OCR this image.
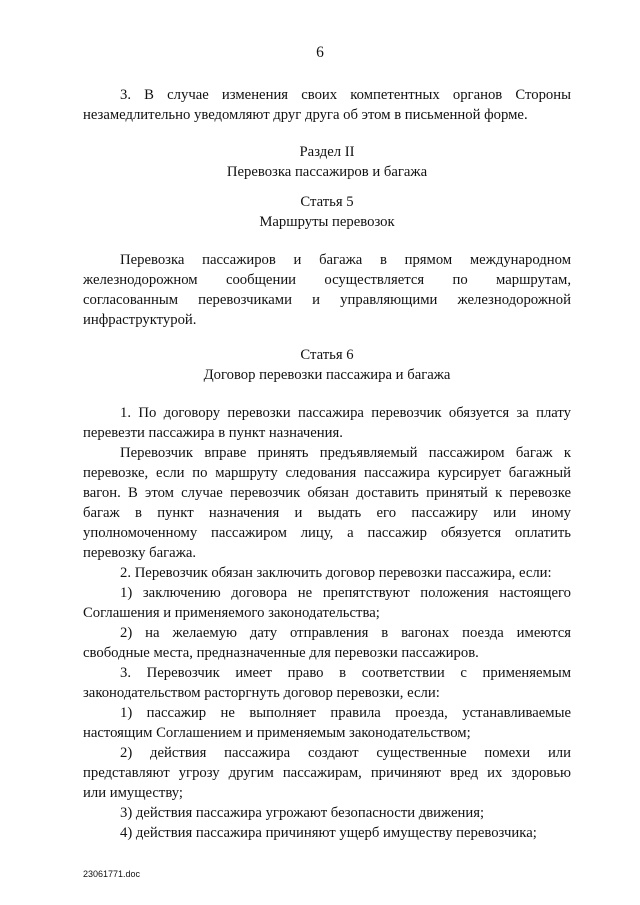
6
3. В случае изменения своих компетентных органов Стороны
незамедлительно уведомляют друг друга об этом в письменной форме.
Раздел II
Перевозка пассажиров и багажа
Статья 5
Маршруты перевозок
Перевозка пассажиров и багажа в прямом международном
железнодорожном сообщении осуществляется по маршрутам,
согласованным перевозчиками и управляющими железнодорожной
инфраструктурой.
Статья 6
Договор перевозки пассажира и багажа
1. По договору перевозки пассажира перевозчик обязуется за плату
перевезти пассажира в пункт назначения.
Перевозчик вправе принять предъявляемый пассажиром багаж к
перевозке, если по маршруту следования пассажира курсирует багажный
вагон. В этом случае перевозчик обязан доставить принятый к перевозке
багаж в пункт назначения и выдать его пассажиру или иному
уполномоченному пассажиром лицу, а пассажир обязуется оплатить
перевозку багажа.
2. Перевозчик обязан заключить договор перевозки пассажира, если:
1) заключению договора не препятствуют положения настоящего
Соглашения и применяемого законодательства;
2) на желаемую дату отправления в вагонах поезда имеются
свободные места, предназначенные для перевозки пассажиров.
3. Перевозчик имеет право в соответствии с применяемым
законодательством расторгнуть договор перевозки, если:
1) пассажир не выполняет правила проезда, устанавливаемые
настоящим Соглашением и применяемым законодательством;
2) действия пассажира создают существенные помехи или
представляют угрозу другим пассажирам, причиняют вред их здоровью
или имуществу;
3) действия пассажира угрожают безопасности движения;
4) действия пассажира причиняют ущерб имуществу перевозчика;
23061771.doc
